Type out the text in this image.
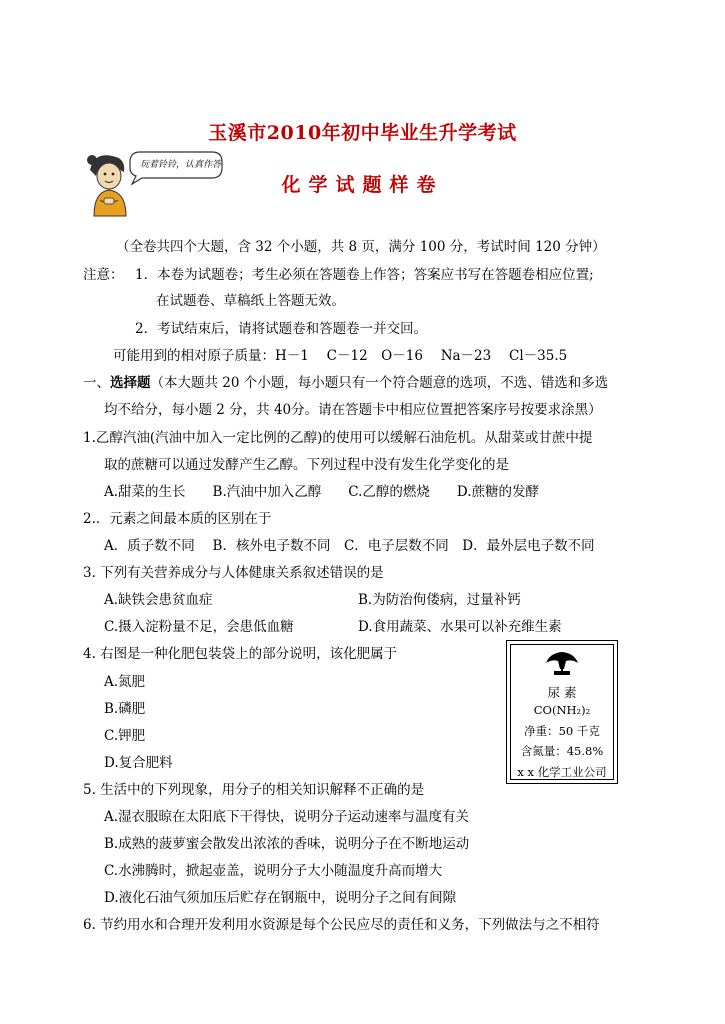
玉溪市2010年初中毕业生升学考试
化学试题样卷
玩着铃铃，认真作答
（全卷共四个大题，含 32 个小题，共 8 页，满分 100 分，考试时间 120 分钟）
注意： 1．本卷为试题卷；考生必须在答题卷上作答；答案应书写在答题卷相应位置;
在试题卷、草稿纸上答题无效。
2．考试结束后，请将试题卷和答题卷一并交回。
可能用到的相对原子质量：H－1　 C－12　O－16　 Na－23　 Cl－35.5
一、选择题（本大题共 20 个小题，每小题只有一个符合题意的选项，不选、错选和多选
均不给分，每小题 2 分，共 40分。请在答题卡中相应位置把答案序号按要求涂黑）
1.乙醇汽油(汽油中加入一定比例的乙醇)的使用可以缓解石油危机。从甜菜或甘蔗中提
取的蔗糖可以通过发酵产生乙醇。下列过程中没有发生化学变化的是
A.甜菜的生长　　B.汽油中加入乙醇　　C.乙醇的燃烧　　D.蔗糖的发酵
2.．元素之间最本质的区别在于
A．质子数不同　 B．核外电子数不同　C．电子层数不同　D．最外层电子数不同
3. 下列有关营养成分与人体健康关系叙述错误的是
A.缺铁会患贫血症	B.为防治佝偻病，过量补钙
C.摄入淀粉量不足，会患低血糖	D.食用蔬菜、水果可以补充维生素
4. 右图是一种化肥包装袋上的部分说明，该化肥属于
A.氮肥
B.磷肥
C.钾肥
D.复合肥料
尿 素
CO(NH₂)₂
净重：50 千克
含氮量：45.8%
x x 化学工业公司
5. 生活中的下列现象，用分子的相关知识解释不正确的是
A.湿衣服晾在太阳底下干得快，说明分子运动速率与温度有关
B.成熟的菠萝蜜会散发出浓浓的香味，说明分子在不断地运动
C.水沸腾时，掀起壶盖，说明分子大小随温度升高而增大
D.液化石油气须加压后贮存在钢瓶中，说明分子之间有间隙
6. 节约用水和合理开发利用水资源是每个公民应尽的责任和义务，下列做法与之不相符
